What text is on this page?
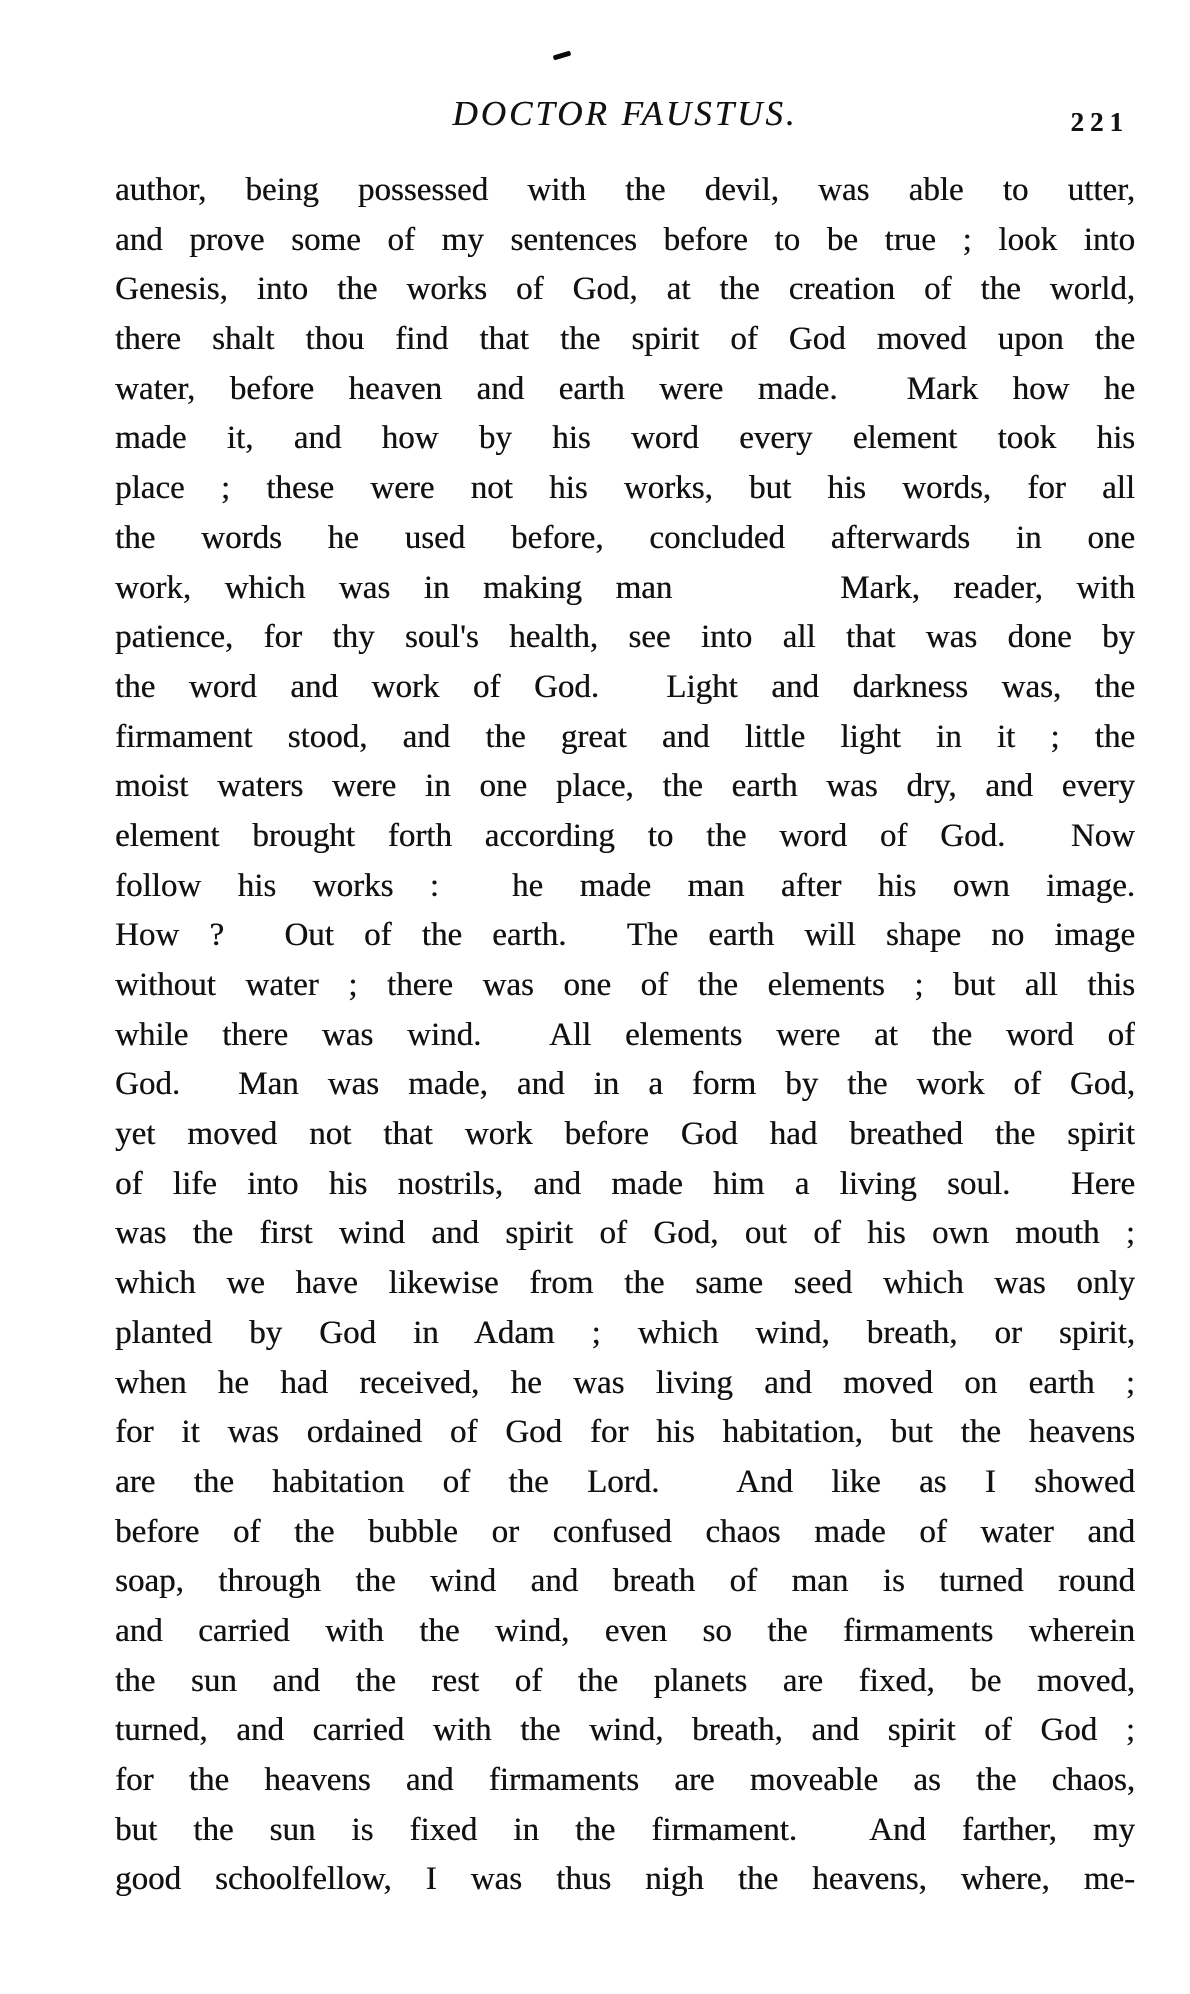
DOCTOR FAUSTUS.	221
author, being possessed with the devil, was able to utter,
and prove some of my sentences before to be true ; look into
Genesis, into the works of God, at the creation of the world,
there shalt thou find that the spirit of God moved upon the
water, before heaven and earth were made.  Mark how he
made it, and how by his word every element took his
place ; these were not his works, but his words, for all
the words he used before, concluded afterwards in one
work, which was in making man     Mark, reader, with
patience, for thy soul's health, see into all that was done by
the word and work of God.  Light and darkness was, the
firmament stood, and the great and little light in it ; the
moist waters were in one place, the earth was dry, and every
element brought forth according to the word of God.  Now
follow his works :  he made man after his own image.
How ?  Out of the earth.  The earth will shape no image
without water ; there was one of the elements ; but all this
while there was wind.  All elements were at the word of
God.  Man was made, and in a form by the work of God,
yet moved not that work before God had breathed the spirit
of life into his nostrils, and made him a living soul.  Here
was the first wind and spirit of God, out of his own mouth ;
which we have likewise from the same seed which was only
planted by God in Adam ; which wind, breath, or spirit,
when he had received, he was living and moved on earth ;
for it was ordained of God for his habitation, but the heavens
are the habitation of the Lord.  And like as I showed
before of the bubble or confused chaos made of water and
soap, through the wind and breath of man is turned round
and carried with the wind, even so the firmaments wherein
the sun and the rest of the planets are fixed, be moved,
turned, and carried with the wind, breath, and spirit of God ;
for the heavens and firmaments are moveable as the chaos,
but the sun is fixed in the firmament.  And farther, my
good schoolfellow, I was thus nigh the heavens, where, me-
